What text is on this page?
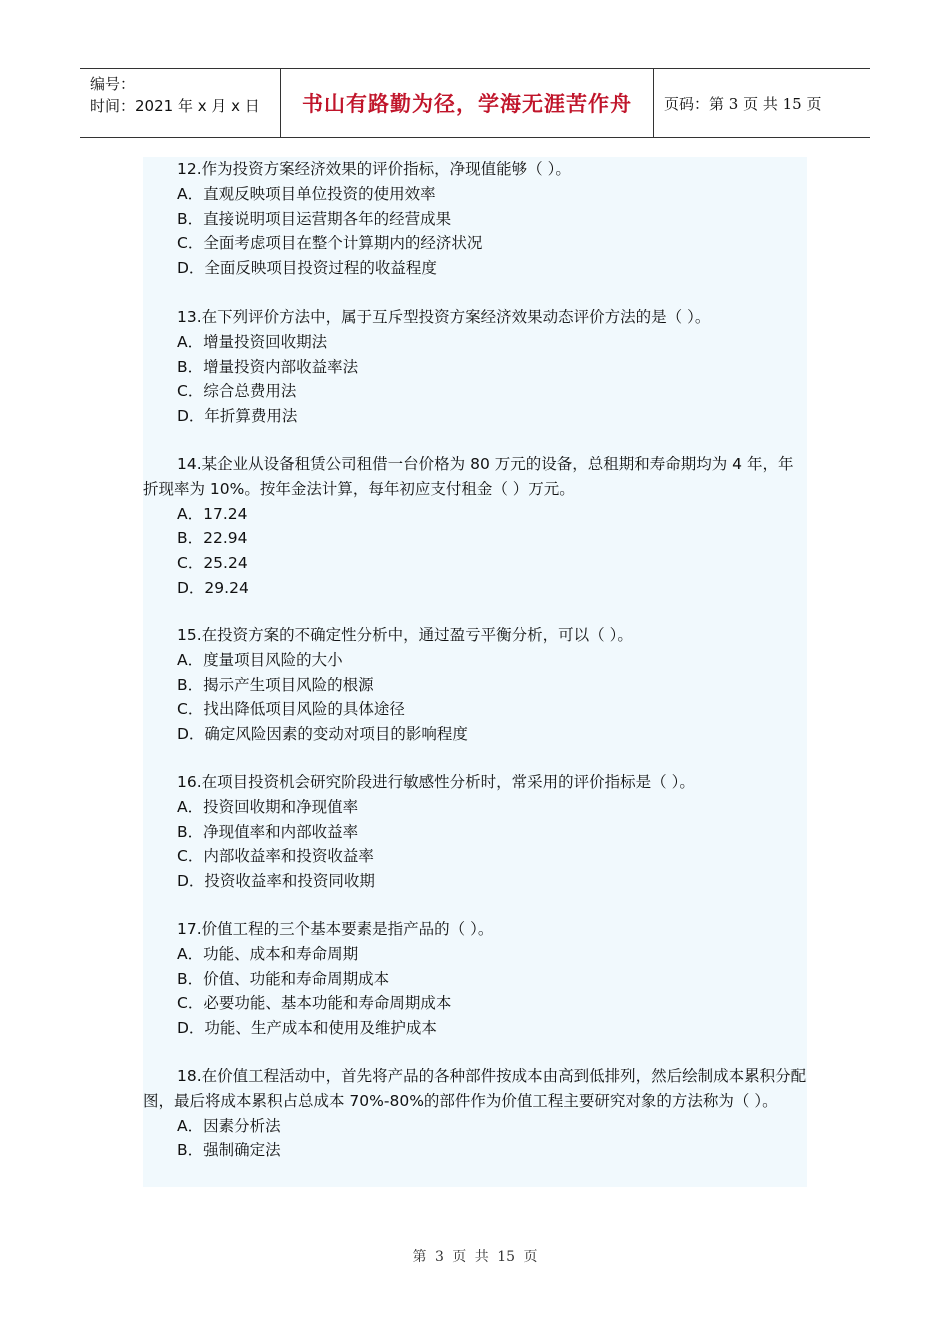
编号：
时间：2021 年 x 月 x 日	书山有路勤为径，学海无涯苦作舟 页码：第 3 页 共 15 页
12.作为投资方案经济效果的评价指标，净现值能够（ ）。
A．直观反映项目单位投资的使用效率
B．直接说明项目运营期各年的经营成果
C．全面考虑项目在整个计算期内的经济状况
D．全面反映项目投资过程的收益程度
13.在下列评价方法中，属于互斥型投资方案经济效果动态评价方法的是（ ）。
A．增量投资回收期法
B．增量投资内部收益率法
C．综合总费用法
D．年折算费用法
14.某企业从设备租赁公司租借一台价格为 80 万元的设备，总租期和寿命期均为 4 年，年折现率为 10%。按年金法计算，每年初应支付租金（ ）万元。
A．17.24
B．22.94
C．25.24
D．29.24
15.在投资方案的不确定性分析中，通过盈亏平衡分析，可以（ ）。
A．度量项目风险的大小
B．揭示产生项目风险的根源
C．找出降低项目风险的具体途径
D．确定风险因素的变动对项目的影响程度
16.在项目投资机会研究阶段进行敏感性分析时，常采用的评价指标是（ ）。
A．投资回收期和净现值率
B．净现值率和内部收益率
C．内部收益率和投资收益率
D．投资收益率和投资同收期
17.价值工程的三个基本要素是指产品的（ ）。
A．功能、成本和寿命周期
B．价值、功能和寿命周期成本
C．必要功能、基本功能和寿命周期成本
D．功能、生产成本和使用及维护成本
18.在价值工程活动中，首先将产品的各种部件按成本由高到低排列，然后绘制成本累积分配图，最后将成本累积占总成本 70%-80%的部件作为价值工程主要研究对象的方法称为（ ）。
A．因素分析法
B．强制确定法
第 3 页 共 15 页
